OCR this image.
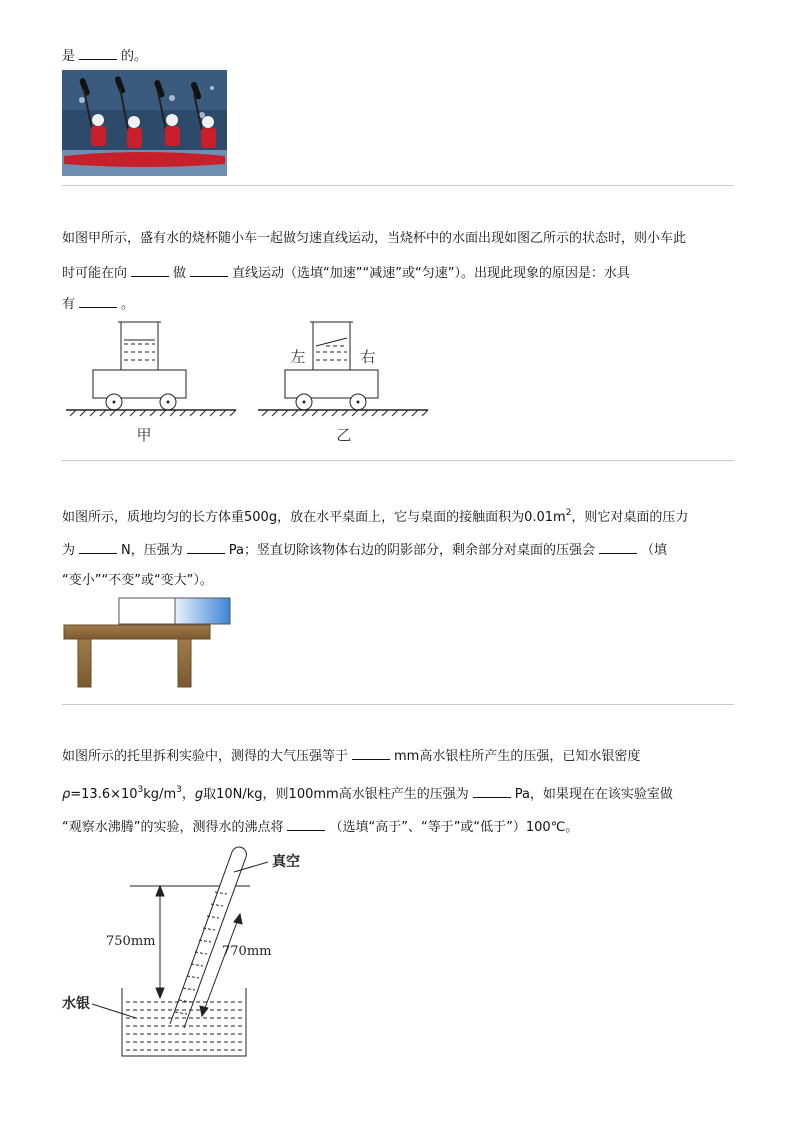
是	的。
如图甲所示，盛有水的烧杯随小车一起做匀速直线运动，当烧杯中的水面出现如图乙所示的状态时，则小车此
时可能在向	做	直线运动（选填“加速”“减速”或“匀速”）。出现此现象的原因是：水具
有	。
甲
左	右
乙
如图所示，质地均匀的长方体重500g，放在水平桌面上，它与桌面的接触面积为$0.01m^2$，则它对桌面的压力
为	N，压强为	Pa；竖直切除该物体右边的阴影部分，剩余部分对桌面的压强会	（填
“变小”“不变”或“变大”）。
如图所示的托里拆利实验中，测得的大气压强等于	mm高水银柱所产生的压强，已知水银密度
$\rho=13.6\times 10^3kg/m^3$，g取10N/kg，则100mm高水银柱产生的压强为	Pa，如果现在在该实验室做
“观察水沸腾”的实验，测得水的沸点将	（选填“高于”、“等于”或“低于”）100℃。
真空
750mm
770mm
水银
